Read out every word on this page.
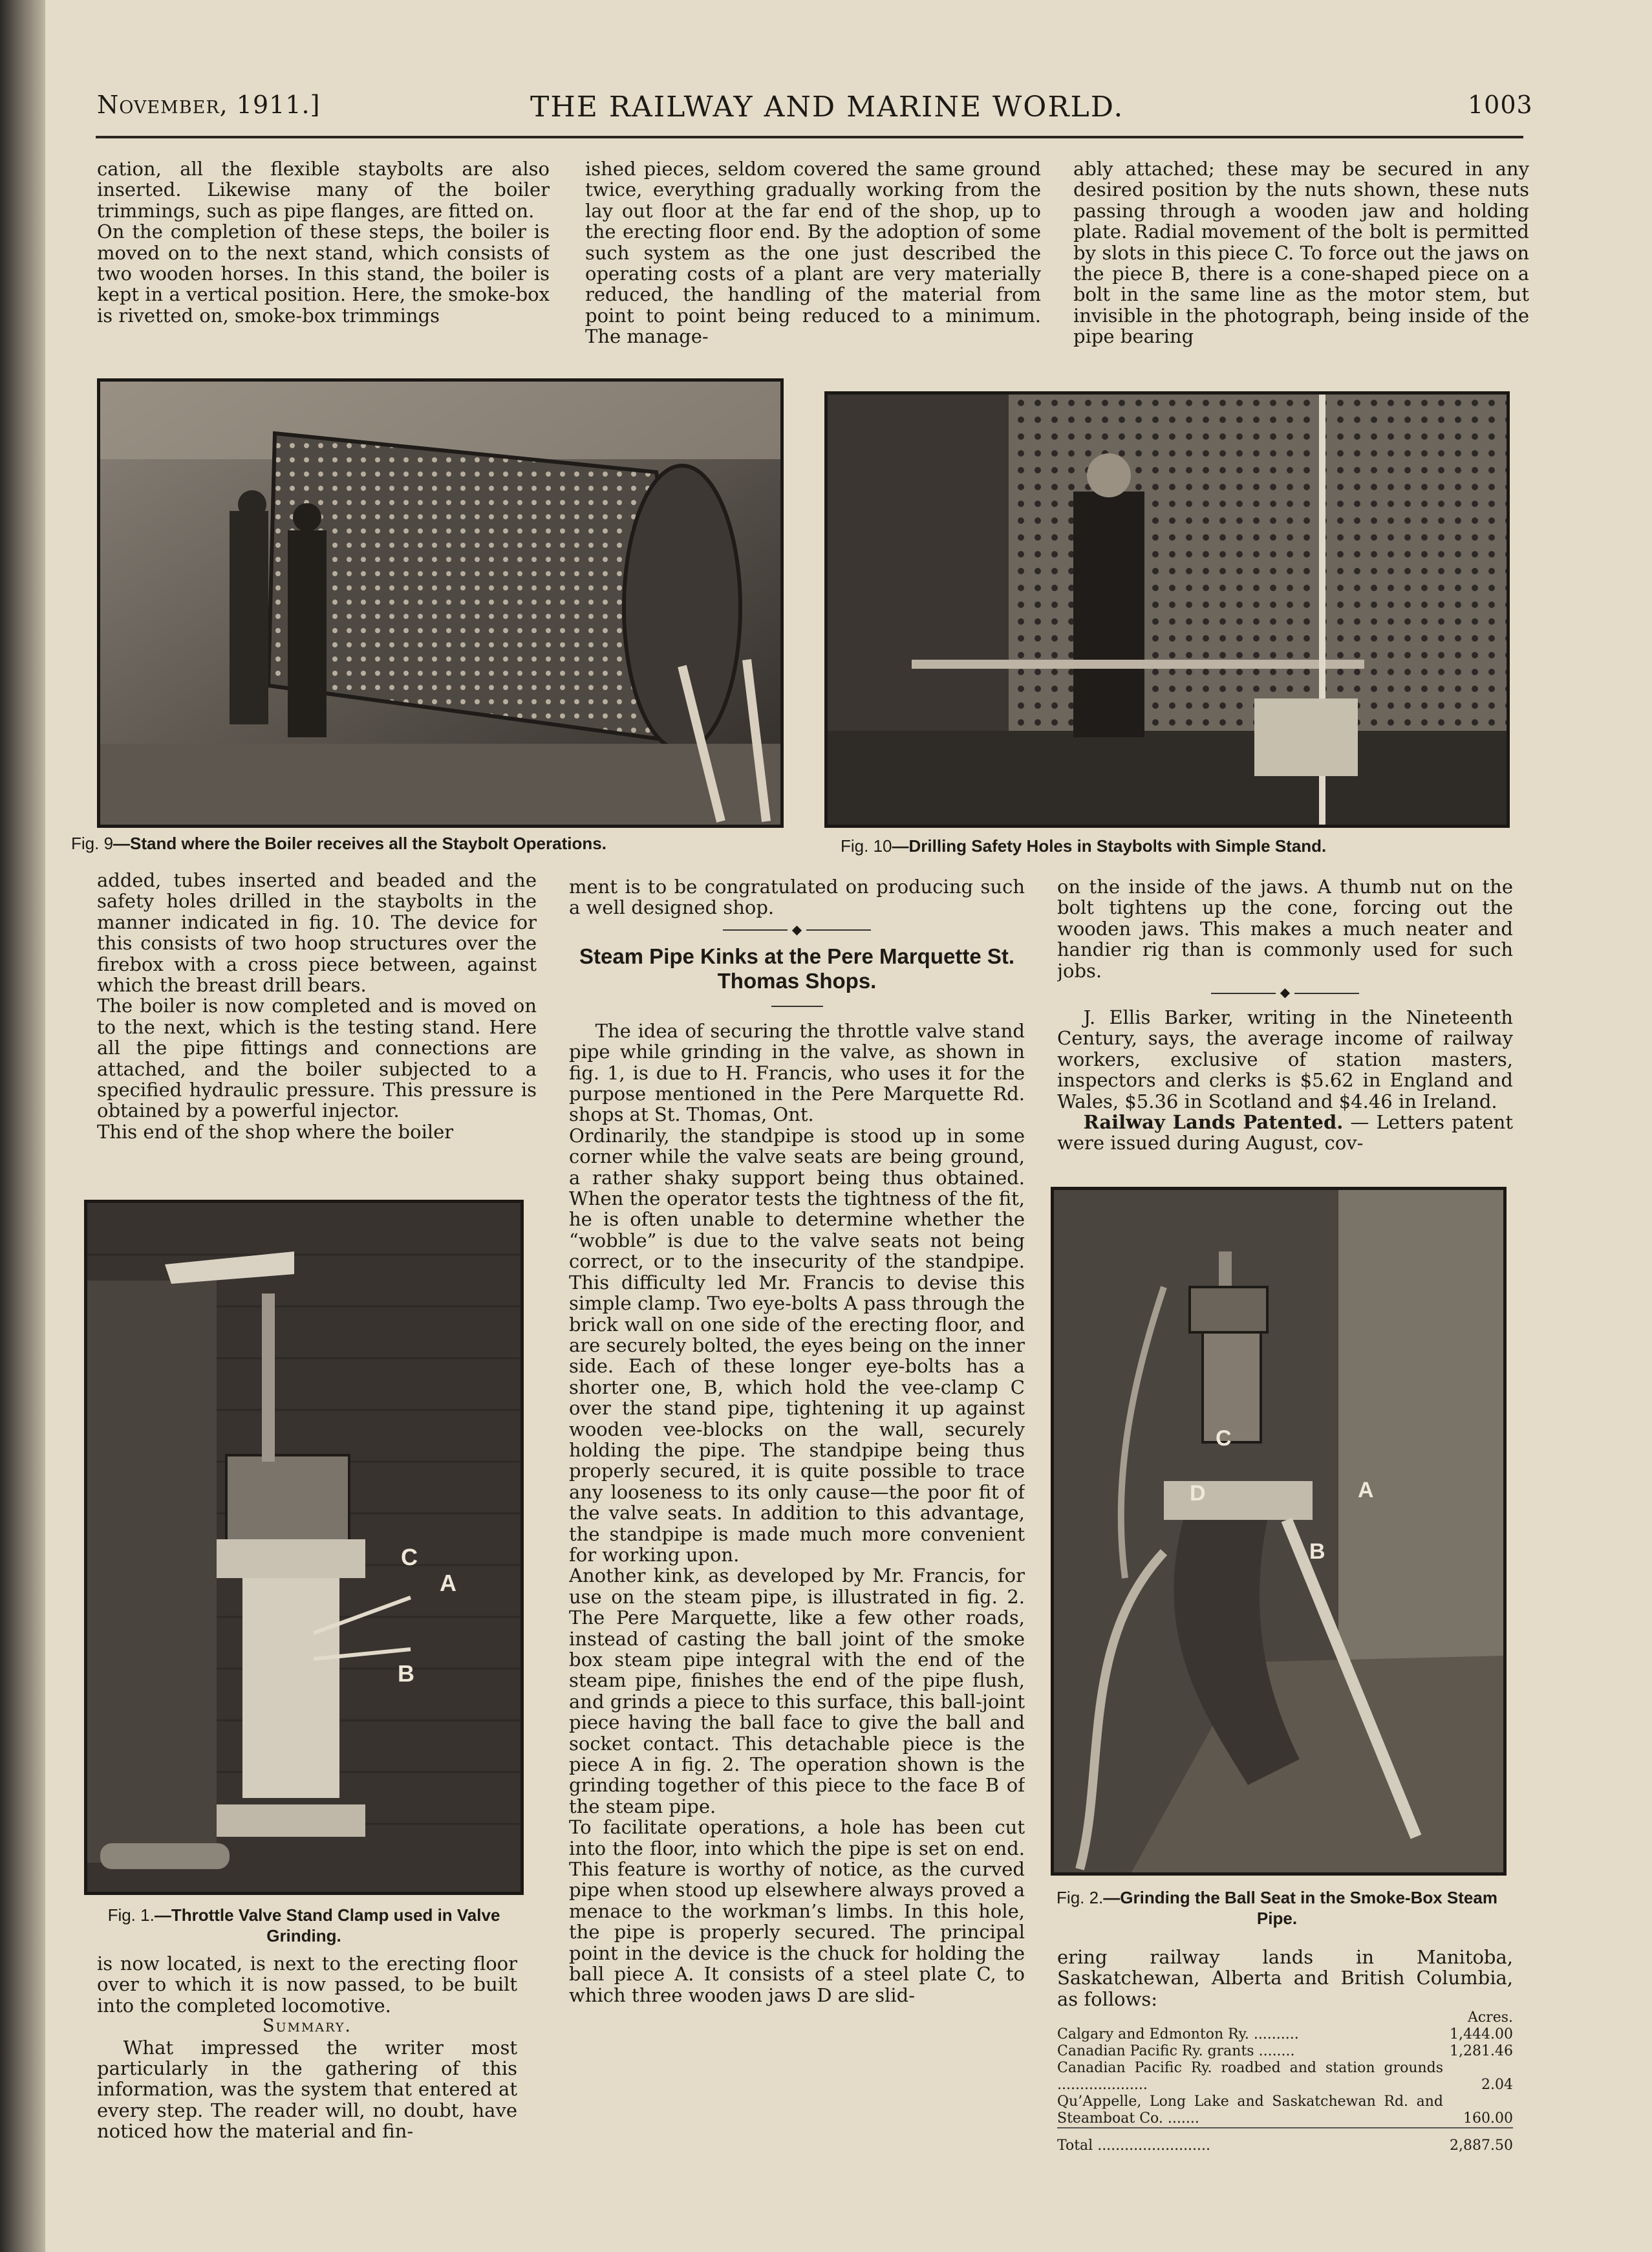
November, 1911.]	THE RAILWAY AND MARINE WORLD.	1003

cation, all the flexible staybolts are also inserted. Likewise many of the boiler trimmings, such as pipe flanges, are fitted on.
On the completion of these steps, the boiler is moved on to the next stand, which consists of two wooden horses. In this stand, the boiler is kept in a vertical position. Here, the smoke-box is rivetted on, smoke-box trimmings

ished pieces, seldom covered the same ground twice, everything gradually working from the lay out floor at the far end of the shop, up to the erecting floor end. By the adoption of some such system as the one just described the operating costs of a plant are very materially reduced, the handling of the material from point to point being reduced to a minimum. The manage-

ably attached; these may be secured in any desired position by the nuts shown, these nuts passing through a wooden jaw and holding plate. Radial movement of the bolt is permitted by slots in this piece C. To force out the jaws on the piece B, there is a cone-shaped piece on a bolt in the same line as the motor stem, but invisible in the photograph, being inside of the pipe bearing

Fig. 9—Stand where the Boiler receives all the Staybolt Operations.	Fig. 10—Drilling Safety Holes in Staybolts with Simple Stand.

added, tubes inserted and beaded and the safety holes drilled in the staybolts in the manner indicated in fig. 10. The device for this consists of two hoop structures over the firebox with a cross piece between, against which the breast drill bears.
The boiler is now completed and is moved on to the next, which is the testing stand. Here all the pipe fittings and connections are attached, and the boiler subjected to a specified hydraulic pressure. This pressure is obtained by a powerful injector.
This end of the shop where the boiler

C
A
B
Fig. 1.—Throttle Valve Stand Clamp used in Valve Grinding.

is now located, is next to the erecting floor over to which it is now passed, to be built into the completed locomotive.

Summary.

What impressed the writer most particularly in the gathering of this information, was the system that entered at every step. The reader will, no doubt, have noticed how the material and fin-

ment is to be congratulated on producing such a well designed shop.

◆
Steam Pipe Kinks at the Pere Marquette St. Thomas Shops.

The idea of securing the throttle valve stand pipe while grinding in the valve, as shown in fig. 1, is due to H. Francis, who uses it for the purpose mentioned in the Pere Marquette Rd. shops at St. Thomas, Ont.
Ordinarily, the standpipe is stood up in some corner while the valve seats are being ground, a rather shaky support being thus obtained. When the operator tests the tightness of the fit, he is often unable to determine whether the “wobble” is due to the valve seats not being correct, or to the insecurity of the standpipe. This difficulty led Mr. Francis to devise this simple clamp. Two eye-bolts A pass through the brick wall on one side of the erecting floor, and are securely bolted, the eyes being on the inner side. Each of these longer eye-bolts has a shorter one, B, which hold the vee-clamp C over the stand pipe, tightening it up against wooden vee-blocks on the wall, securely holding the pipe. The standpipe being thus properly secured, it is quite possible to trace any looseness to its only cause—the poor fit of the valve seats. In addition to this advantage, the standpipe is made much more convenient for working upon.
Another kink, as developed by Mr. Francis, for use on the steam pipe, is illustrated in fig. 2. The Pere Marquette, like a few other roads, instead of casting the ball joint of the smoke box steam pipe integral with the end of the steam pipe, finishes the end of the pipe flush, and grinds a piece to this surface, this ball-joint piece having the ball face to give the ball and socket contact. This detachable piece is the piece A in fig. 2. The operation shown is the grinding together of this piece to the face B of the steam pipe.
To facilitate operations, a hole has been cut into the floor, into which the pipe is set on end. This feature is worthy of notice, as the curved pipe when stood up elsewhere always proved a menace to the workman’s limbs. In this hole, the pipe is properly secured. The principal point in the device is the chuck for holding the ball piece A. It consists of a steel plate C, to which three wooden jaws D are slid-

on the inside of the jaws. A thumb nut on the bolt tightens up the cone, forcing out the wooden jaws. This makes a much neater and handier rig than is commonly used for such jobs.

◆

J. Ellis Barker, writing in the Nineteenth Century, says, the average income of railway workers, exclusive of station masters, inspectors and clerks is $5.62 in England and Wales, $5.36 in Scotland and $4.46 in Ireland.

Railway Lands Patented. — Letters patent were issued during August, cov-

C
D	A
B
Fig. 2.—Grinding the Ball Seat in the Smoke-Box Steam Pipe.

ering railway lands in Manitoba, Saskatchewan, Alberta and British Columbia, as follows:

	Acres.
Calgary and Edmonton Ry. ..........	1,444.00
Canadian Pacific Ry. grants ........	1,281.46
Canadian Pacific Ry. roadbed and station grounds ....................	2.04
Qu’Appelle, Long Lake and Saskatchewan Rd. and Steamboat Co. .......	160.00
Total .........................	2,887.50
